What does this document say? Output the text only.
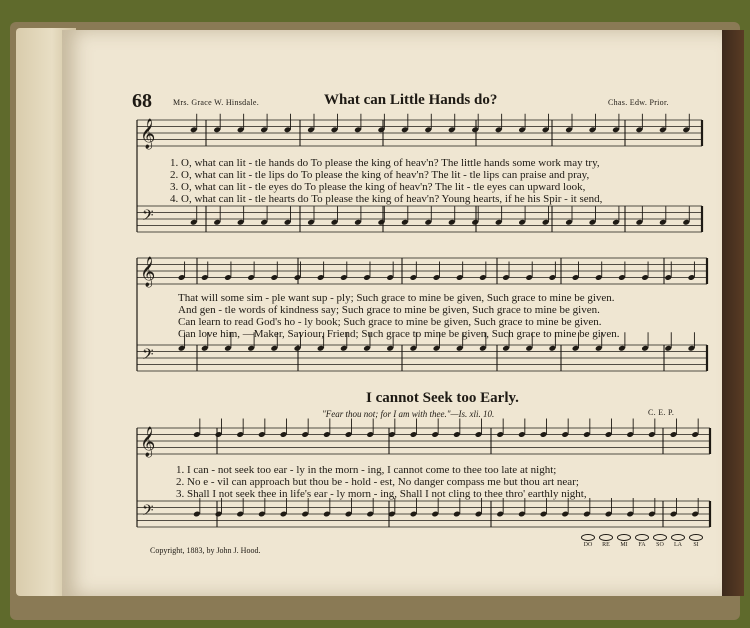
𝄞
𝄢
𝄞
𝄢
𝄞
𝄢
68	Mrs. Grace W. Hinsdale.	What can Little Hands do?	Chas. Edw. Prior.
1. O, what can lit - tle hands do To please the king of heav'n? The little hands some work may try,
2. O, what can lit - tle lips do To please the king of heav'n? The lit - tle lips can praise and pray,
3. O, what can lit - tle eyes do To please the king of heav'n? The lit - tle eyes can upward look,
4. O, what can lit - tle hearts do To please the king of heav'n? Young hearts, if he his Spir - it send,
That will some sim - ple want sup - ply; Such grace to mine be given, Such grace to mine be given.
And gen - tle words of kindness say; Such grace to mine be given, Such grace to mine be given.
Can learn to read God's ho - ly book; Such grace to mine be given, Such grace to mine be given.
Can love him, —Maker, Saviour, Friend; Such grace to mine be given, Such grace to mine be given.
I cannot Seek too Early.
"Fear thou not; for I am with thee."—Is. xli. 10.	C. E. P.
1. I can - not seek too ear - ly in the morn - ing, I cannot come to thee too late at night;
2. No e - vil can approach but thou be - hold - est, No danger compass me but thou art near;
3. Shall I not seek thee in life's ear - ly morn - ing, Shall I not cling to thee thro' earthly night,
Copyright, 1883, by John J. Hood.
DO	RE	MI	FA	SO	LA	SI
